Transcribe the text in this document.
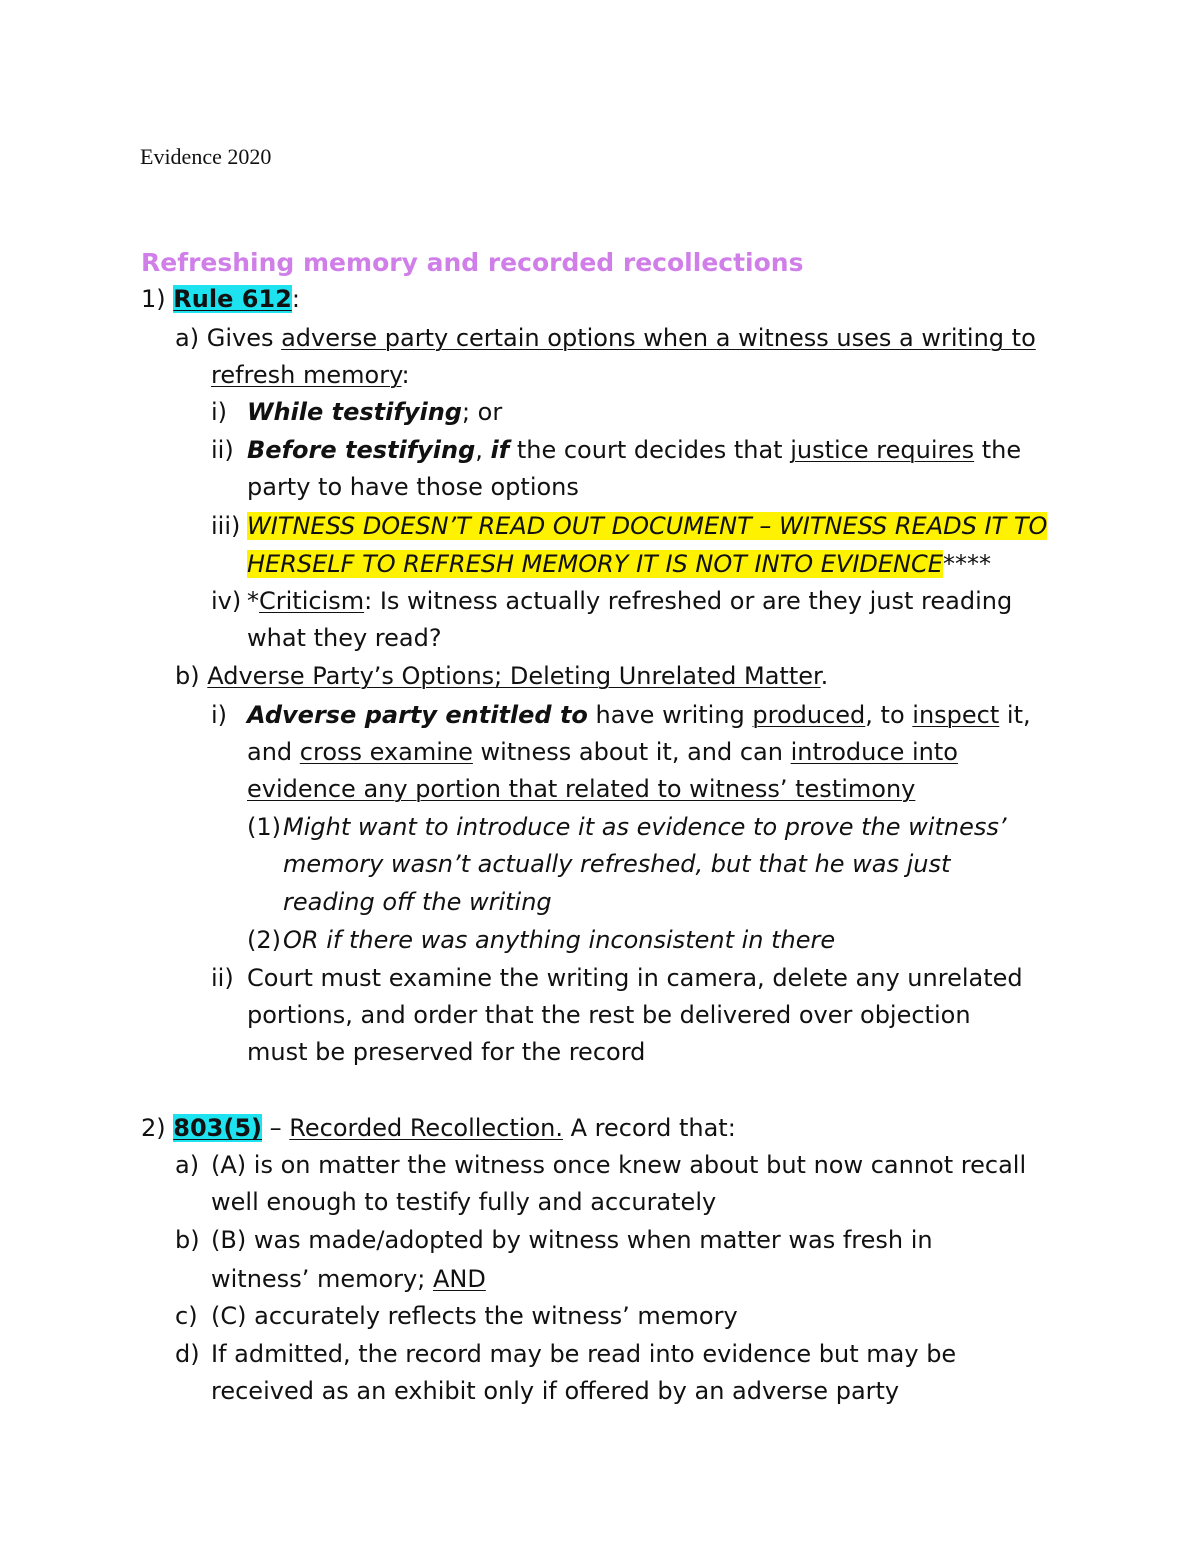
Evidence 2020
Refreshing memory and recorded recollections
1) Rule 612:
a) Gives adverse party certain options when a witness uses a writing to
refresh memory:
i) While testifying; or
ii) Before testifying, if the court decides that justice requires the
party to have those options
iii) WITNESS DOESN’T READ OUT DOCUMENT – WITNESS READS IT TO
HERSELF TO REFRESH MEMORY IT IS NOT INTO EVIDENCE****
iv) *Criticism: Is witness actually refreshed or are they just reading
what they read?
b) Adverse Party’s Options; Deleting Unrelated Matter.
i) Adverse party entitled to have writing produced, to inspect it,
and cross examine witness about it, and can introduce into
evidence any portion that related to witness’ testimony
(1)Might want to introduce it as evidence to prove the witness’
memory wasn’t actually refreshed, but that he was just
reading off the writing
(2)OR if there was anything inconsistent in there
ii) Court must examine the writing in camera, delete any unrelated
portions, and order that the rest be delivered over objection
must be preserved for the record
2) 803(5) – Recorded Recollection. A record that:
a) (A) is on matter the witness once knew about but now cannot recall
well enough to testify fully and accurately
b) (B) was made/adopted by witness when matter was fresh in
witness’ memory; AND
c) (C) accurately reflects the witness’ memory
d) If admitted, the record may be read into evidence but may be
received as an exhibit only if offered by an adverse party
